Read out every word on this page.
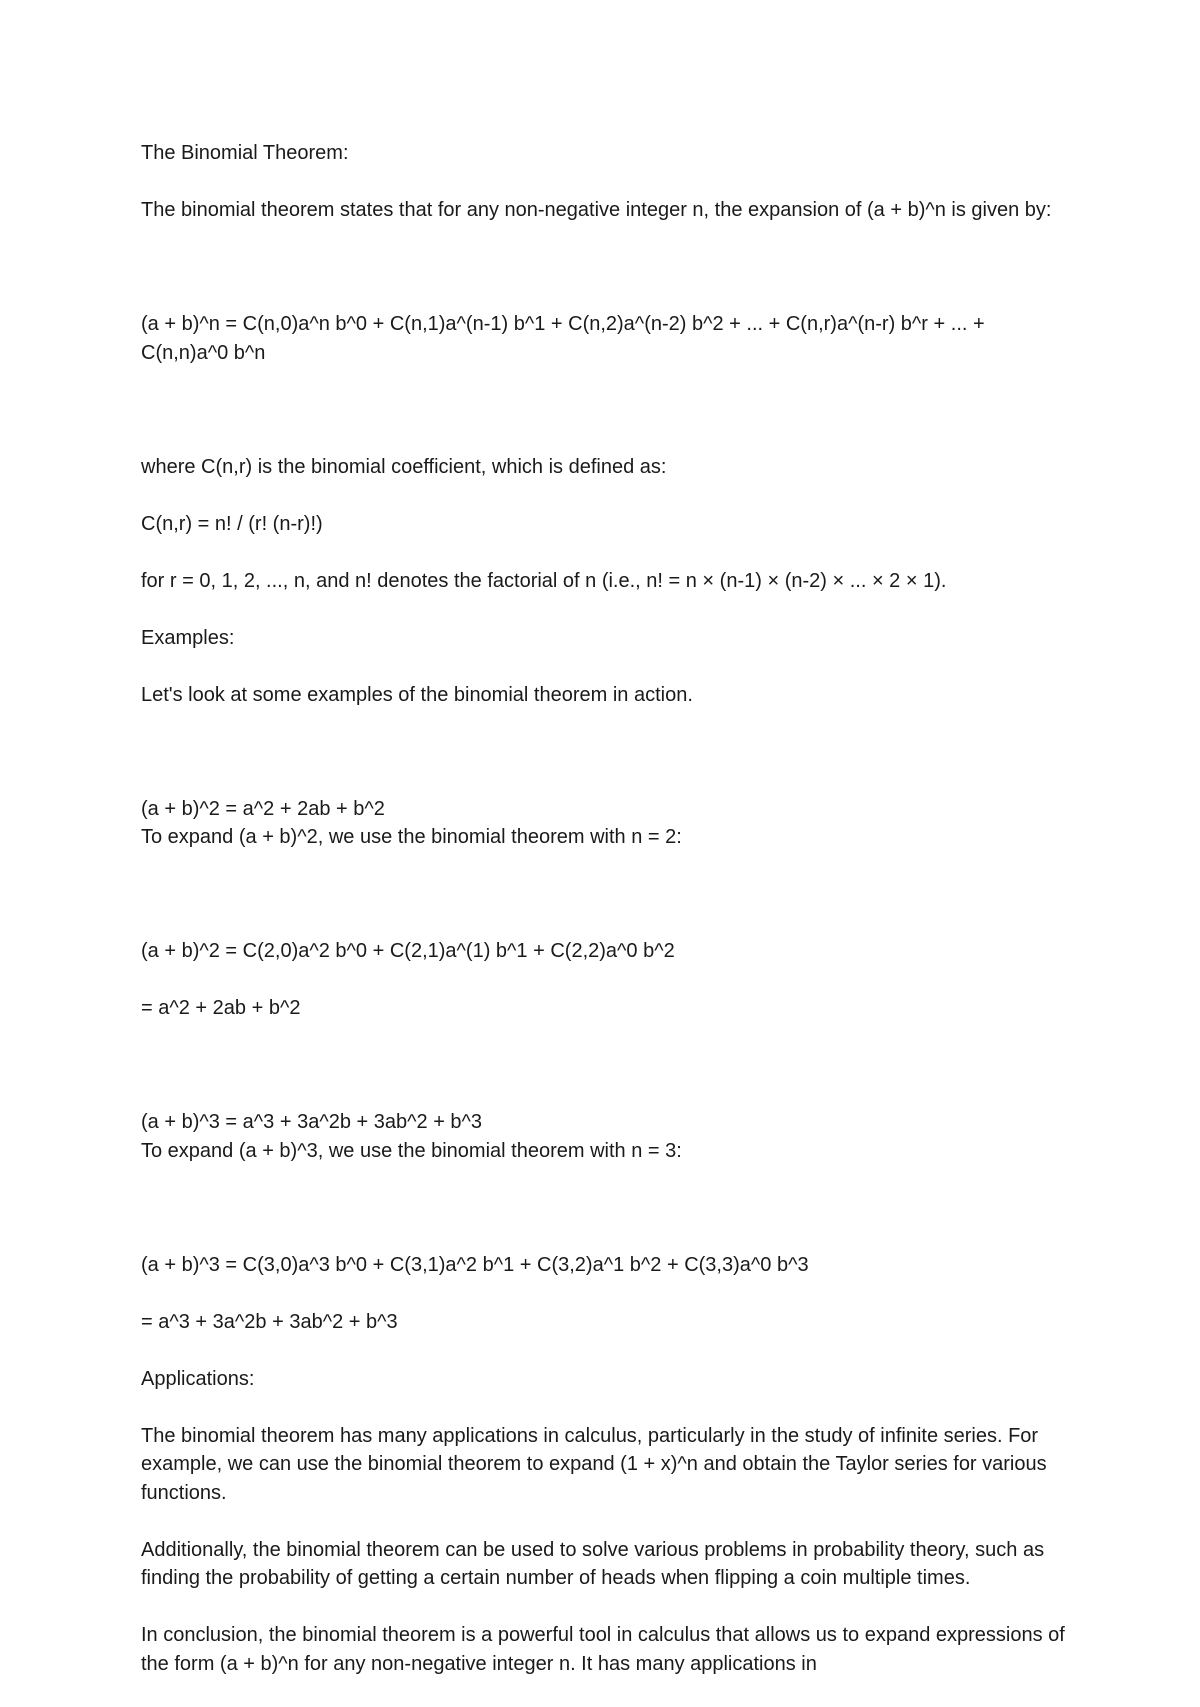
The Binomial Theorem:

The binomial theorem states that for any non-negative integer n, the expansion of (a + b)^n is given by:

(a + b)^n = C(n,0)a^n b^0 + C(n,1)a^(n-1) b^1 + C(n,2)a^(n-2) b^2 + ... + C(n,r)a^(n-r) b^r + ... +
C(n,n)a^0 b^n

where C(n,r) is the binomial coefficient, which is defined as:

C(n,r) = n! / (r! (n-r)!)

for r = 0, 1, 2, ..., n, and n! denotes the factorial of n (i.e., n! = n × (n-1) × (n-2) × ... × 2 × 1).

Examples:

Let's look at some examples of the binomial theorem in action.

(a + b)^2 = a^2 + 2ab + b^2
To expand (a + b)^2, we use the binomial theorem with n = 2:

(a + b)^2 = C(2,0)a^2 b^0 + C(2,1)a^(1) b^1 + C(2,2)a^0 b^2

= a^2 + 2ab + b^2

(a + b)^3 = a^3 + 3a^2b + 3ab^2 + b^3
To expand (a + b)^3, we use the binomial theorem with n = 3:

(a + b)^3 = C(3,0)a^3 b^0 + C(3,1)a^2 b^1 + C(3,2)a^1 b^2 + C(3,3)a^0 b^3

= a^3 + 3a^2b + 3ab^2 + b^3

Applications:

The binomial theorem has many applications in calculus, particularly in the study of infinite series. For example, we can use the binomial theorem to expand (1 + x)^n and obtain the Taylor series for various functions.

Additionally, the binomial theorem can be used to solve various problems in probability theory, such as finding the probability of getting a certain number of heads when flipping a coin multiple times.

In conclusion, the binomial theorem is a powerful tool in calculus that allows us to expand expressions of the form (a + b)^n for any non-negative integer n. It has many applications in
